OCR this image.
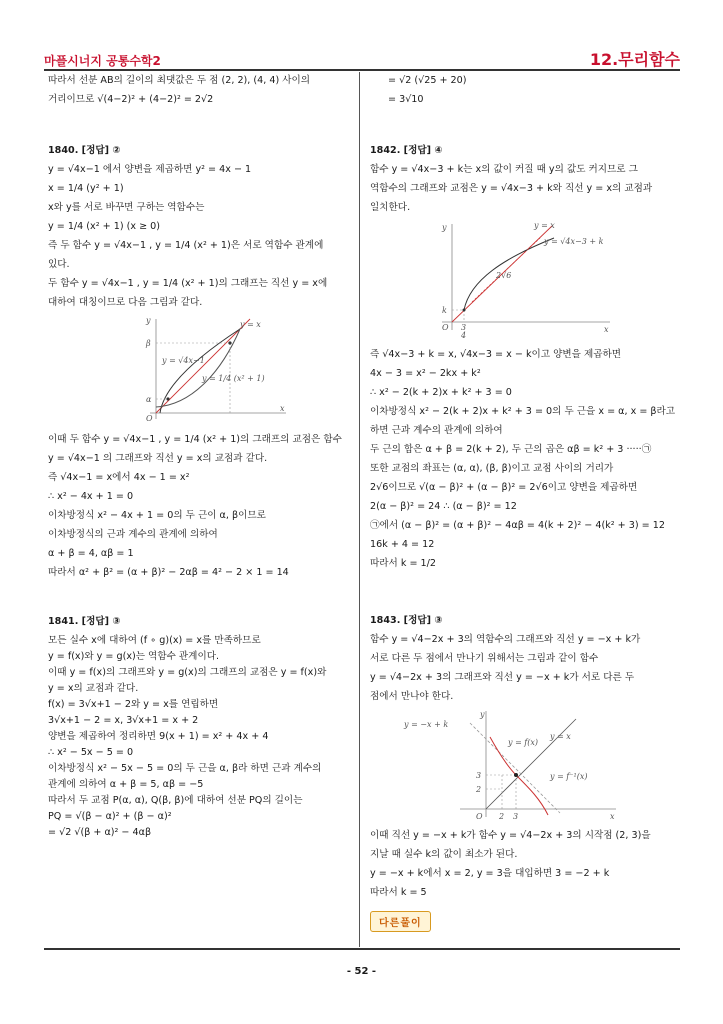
마플시너지 공통수학2	12.무리함수
따라서 선분 AB의 길이의 최댓값은 두 점 (2, 2), (4, 4) 사이의
거리이므로 √(4−2)² + (4−2)² = 2√2
1840. [정답] ②
y = √4x−1 에서 양변을 제곱하면 y² = 4x − 1
x = 1/4 (y² + 1)
x와 y를 서로 바꾸면 구하는 역함수는
y = 1/4 (x² + 1) (x ≥ 0)
즉 두 함수 y = √4x−1 , y = 1/4 (x² + 1)은 서로 역함수 관계에
있다.
두 함수 y = √4x−1 , y = 1/4 (x² + 1)의 그래프는 직선 y = x에
대하여 대칭이므로 다음 그림과 같다.
y
x
y = x
y = √4x−1
y = 1/4 (x² + 1)
β
α
O
이때 두 함수 y = √4x−1 , y = 1/4 (x² + 1)의 그래프의 교점은 함수
y = √4x−1 의 그래프와 직선 y = x의 교점과 같다.
즉 √4x−1 = x에서 4x − 1 = x²
∴ x² − 4x + 1 = 0
이차방정식 x² − 4x + 1 = 0의 두 근이 α, β이므로
이차방정식의 근과 계수의 관계에 의하여
α + β = 4, αβ = 1
따라서 α² + β² = (α + β)² − 2αβ = 4² − 2 × 1 = 14
1841. [정답] ③
모든 실수 x에 대하여 (f ∘ g)(x) = x를 만족하므로
y = f(x)와 y = g(x)는 역함수 관계이다.
이때 y = f(x)의 그래프와 y = g(x)의 그래프의 교점은 y = f(x)와
y = x의 교점과 같다.
f(x) = 3√x+1 − 2와 y = x를 연립하면
3√x+1 − 2 = x, 3√x+1 = x + 2
양변을 제곱하여 정리하면 9(x + 1) = x² + 4x + 4
∴ x² − 5x − 5 = 0
이차방정식 x² − 5x − 5 = 0의 두 근을 α, β라 하면 근과 계수의
관계에 의하여 α + β = 5, αβ = −5
따라서 두 교점 P(α, α), Q(β, β)에 대하여 선분 PQ의 길이는
PQ = √(β − α)² + (β − α)²
= √2 √(β + α)² − 4αβ
= √2 (√25 + 20)
= 3√10
1842. [정답] ④
함수 y = √4x−3 + k는 x의 값이 커질 때 y의 값도 커지므로 그
역함수의 그래프와 교점은 y = √4x−3 + k와 직선 y = x의 교점과
일치한다.
y
x
y = x
y = √4x−3 + k
2√6
k
O 3
4
즉 √4x−3 + k = x, √4x−3 = x − k이고 양변을 제곱하면
4x − 3 = x² − 2kx + k²
∴ x² − 2(k + 2)x + k² + 3 = 0
이차방정식 x² − 2(k + 2)x + k² + 3 = 0의 두 근을 x = α, x = β라고
하면 근과 계수의 관계에 의하여
두 근의 합은 α + β = 2(k + 2), 두 근의 곱은 αβ = k² + 3 ·····㉠
또한 교점의 좌표는 (α, α), (β, β)이고 교점 사이의 거리가
2√6이므로 √(α − β)² + (α − β)² = 2√6이고 양변을 제곱하면
2(α − β)² = 24 ∴ (α − β)² = 12
㉠에서 (α − β)² = (α + β)² − 4αβ = 4(k + 2)² − 4(k² + 3) = 12
16k + 4 = 12
따라서 k = 1/2
1843. [정답] ③
함수 y = √4−2x + 3의 역함수의 그래프와 직선 y = −x + k가
서로 다른 두 점에서 만나기 위해서는 그림과 같이 함수
y = √4−2x + 3의 그래프와 직선 y = −x + k가 서로 다른 두
점에서 만나야 한다.
y
x
y = −x + k
y = x
y = f(x)
y = f⁻¹(x)
3
2
O 2 3
이때 직선 y = −x + k가 함수 y = √4−2x + 3의 시작점 (2, 3)을
지날 때 실수 k의 값이 최소가 된다.
y = −x + k에서 x = 2, y = 3을 대입하면 3 = −2 + k
따라서 k = 5
다른풀이
- 52 -
